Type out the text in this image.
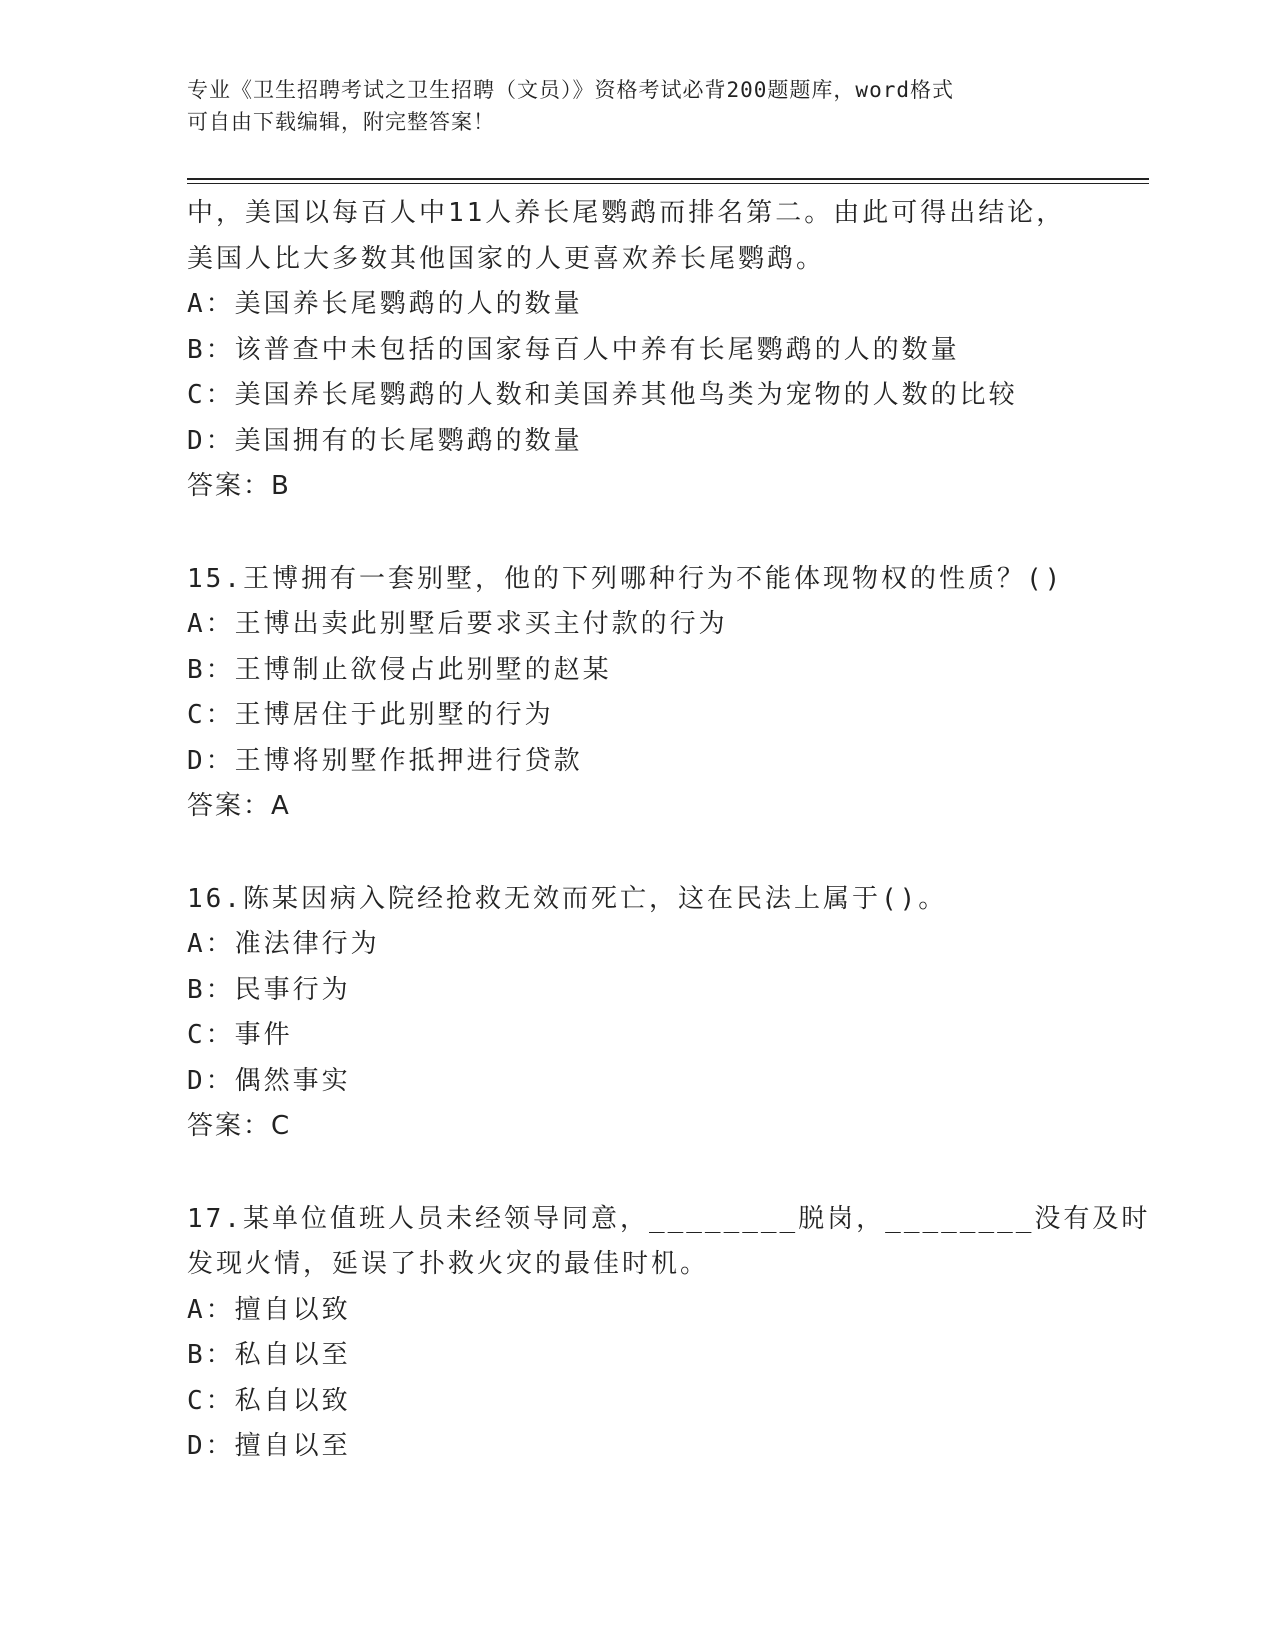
专业《卫生招聘考试之卫生招聘（文员）》资格考试必背200题题库，word格式
可自由下载编辑，附完整答案！
中，美国以每百人中11人养长尾鹦鹉而排名第二。由此可得出结论，
美国人比大多数其他国家的人更喜欢养长尾鹦鹉。
A：美国养长尾鹦鹉的人的数量
B：该普查中未包括的国家每百人中养有长尾鹦鹉的人的数量
C：美国养长尾鹦鹉的人数和美国养其他鸟类为宠物的人数的比较
D：美国拥有的长尾鹦鹉的数量
答案：B
15.王博拥有一套别墅，他的下列哪种行为不能体现物权的性质？()
A：王博出卖此别墅后要求买主付款的行为
B：王博制止欲侵占此别墅的赵某
C：王博居住于此别墅的行为
D：王博将别墅作抵押进行贷款
答案：A
16.陈某因病入院经抢救无效而死亡，这在民法上属于()。
A：准法律行为
B：民事行为
C：事件
D：偶然事实
答案：C
17.某单位值班人员未经领导同意，________脱岗，________没有及时
发现火情，延误了扑救火灾的最佳时机。
A：擅自以致
B：私自以至
C：私自以致
D：擅自以至
